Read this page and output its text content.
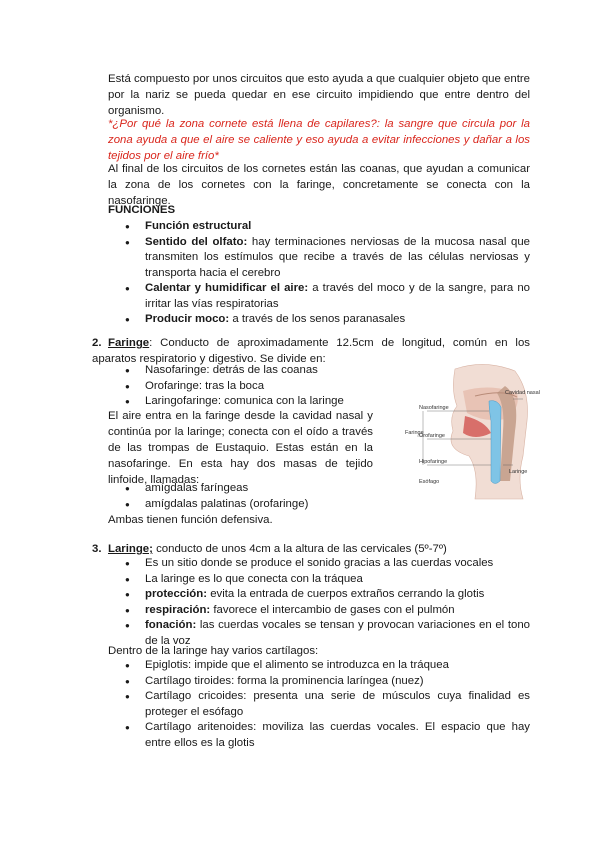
Está compuesto por unos circuitos que esto ayuda a que cualquier objeto que entre por la nariz se pueda quedar en ese circuito impidiendo que entre dentro del organismo.

*¿Por qué la zona cornete está llena de capilares?: la sangre que circula por la zona ayuda a que el aire se caliente y eso ayuda a evitar infecciones y dañar a los tejidos por el aire frío*

Al final de los circuitos de los cornetes están las coanas, que ayudan a comunicar la zona de los cornetes con la faringe, concretamente se conecta con la nasofaringe.

FUNCIONES
● Función estructural
● Sentido del olfato: hay terminaciones nerviosas de la mucosa nasal que transmiten los estímulos que recibe a través de las células nerviosas y transporta hacia el cerebro
● Calentar y humidificar el aire: a través del moco y de la sangre, para no irritar las vías respiratorias
● Producir moco: a través de los senos paranasales
2. Faringe: Conducto de aproximadamente 12.5cm de longitud, común en los aparatos respiratorio y digestivo. Se divide en:
● Nasofaringe: detrás de las coanas
● Orofaringe: tras la boca
● Laringofaringe: comunica con la laringe

El aire entra en la faringe desde la cavidad nasal y continúa por la laringe; conecta con el oído a través de las trompas de Eustaquio. Estas están en la nasofaringe. En esta hay dos masas de tejido linfoide, llamadas:

● amígdalas faríngeas
● amígdalas palatinas (orofaringe)

Ambas tienen función defensiva.

Cavidad nasal
Nasofaringe
Orofaringe
Hipofaringe
Faringe
Laringe
Esófago
3. Laringe; conducto de unos 4cm a la altura de las cervicales (5º-7º)
● Es un sitio donde se produce el sonido gracias a las cuerdas vocales
● La laringe es lo que conecta con la tráquea
● protección: evita la entrada de cuerpos extraños cerrando la glotis
● respiración: favorece el intercambio de gases con el pulmón
● fonación: las cuerdas vocales se tensan y provocan variaciones en el tono de la voz

Dentro de la laringe hay varios cartílagos:

● Epiglotis: impide que el alimento se introduzca en la tráquea
● Cartílago tiroides: forma la prominencia laríngea (nuez)
● Cartílago cricoides: presenta una serie de músculos cuya finalidad es proteger el esófago
● Cartílago aritenoides: moviliza las cuerdas vocales. El espacio que hay entre ellos es la glotis
